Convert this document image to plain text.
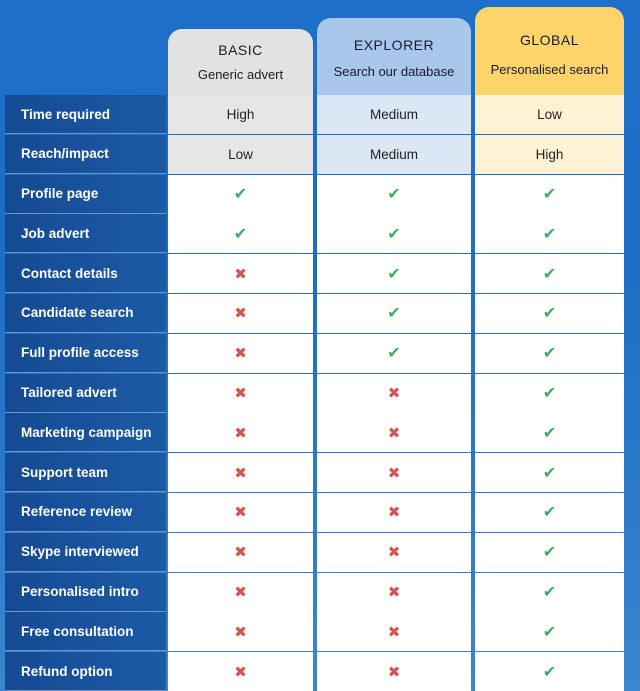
BASIC
Generic advert
EXPLORER
Search our database
GLOBAL
Personalised search
Time required	High	Medium	Low
Reach/impact	Low	Medium	High
Profile page	✔	✔	✔
Job advert	✔	✔	✔
Contact details	✖	✔	✔
Candidate search	✖	✔	✔
Full profile access	✖	✔	✔
Tailored advert	✖	✖	✔
Marketing campaign	✖	✖	✔
Support team	✖	✖	✔
Reference review	✖	✖	✔
Skype interviewed	✖	✖	✔
Personalised intro	✖	✖	✔
Free consultation	✖	✖	✔
Refund option	✖	✖	✔
